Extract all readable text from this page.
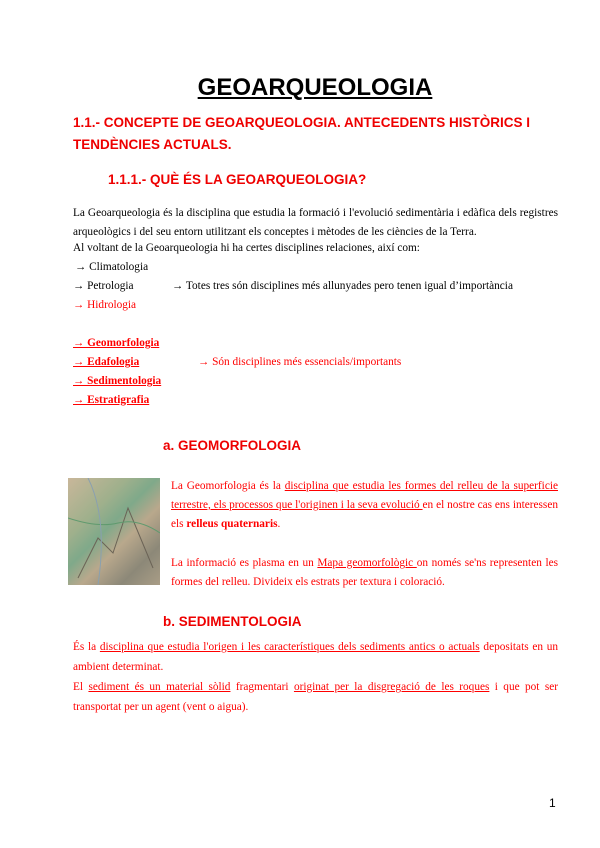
GEOARQUEOLOGIA
1.1.- CONCEPTE DE GEOARQUEOLOGIA. ANTECEDENTS HISTÒRICS I
TENDÈNCIES ACTUALS.
1.1.1.- QUÈ ÉS LA GEOARQUEOLOGIA?
La Geoarqueologia és la disciplina que estudia la formació i l'evolució sedimentària i edàfica dels registres arqueològics i del seu entorn utilitzant els conceptes i mètodes de les ciències de la Terra.
Al voltant de la Geoarqueologia hi ha certes disciplines relaciones, així com:
→ Climatologia
→ Petrologia	→ Totes tres són disciplines més allunyades pero tenen igual d’importància
→ Hidrologia
→ Geomorfologia
→ Edafologia	→ Són disciplines més essencials/importants
→ Sedimentologia
→ Estratigrafia
a. GEOMORFOLOGIA
La Geomorfologia és la disciplina que estudia les formes del relleu de la superficie terrestre, els processos que l'originen i la seva evolució en el nostre cas ens interessen els relleus quaternaris.
La informació es plasma en un Mapa geomorfològic on només se'ns representen les formes del relleu. Divideix els estrats per textura i coloració.
b. SEDIMENTOLOGIA
És la disciplina que estudia l'origen i les característiques dels sediments antics o actuals depositats en un ambient determinat.
El sediment és un material sòlid fragmentari originat per la disgregació de les roques i que pot ser transportat per un agent (vent o aigua).
1
